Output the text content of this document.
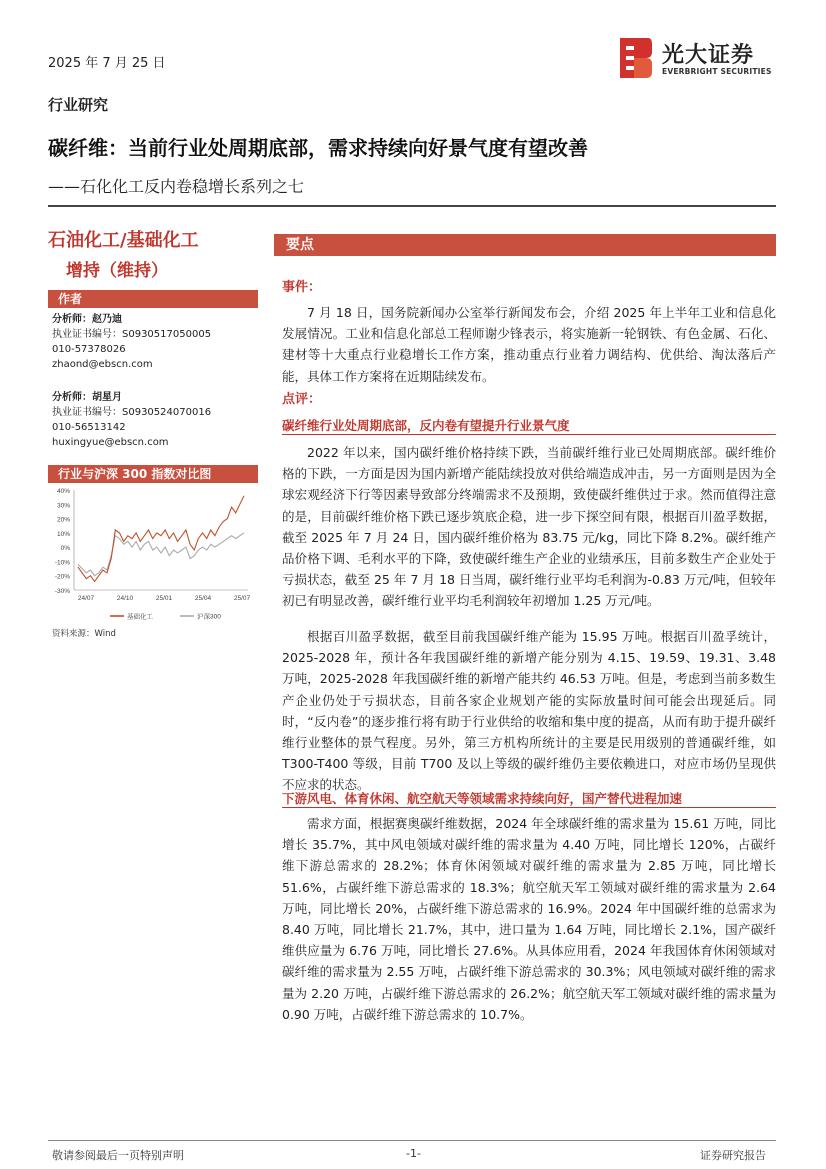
2025 年 7 月 25 日	光大证券
EVERBRIGHT SECURITIES
行业研究
碳纤维：当前行业处周期底部，需求持续向好景气度有望改善
——石化化工反内卷稳增长系列之七
石油化工/基础化工
增持（维持）
作者
分析师：赵乃迪
执业证书编号：S0930517050005
010-57378026
zhaond@ebscn.com
分析师：胡星月
执业证书编号：S0930524070016
010-56513142
huxingyue@ebscn.com
行业与沪深 300 指数对比图
40%
30%
20%
10%
0%
-10%
-20%
-30%
24/07	24/10	25/01	25/04	25/07
基础化工	沪深300
资料来源：Wind
要点
事件：
7 月 18 日，国务院新闻办公室举行新闻发布会，介绍 2025 年上半年工业和信息化发展情况。工业和信息化部总工程师谢少锋表示，将实施新一轮钢铁、有色金属、石化、建材等十大重点行业稳增长工作方案，推动重点行业着力调结构、优供给、淘汰落后产能，具体工作方案将在近期陆续发布。
点评：
碳纤维行业处周期底部，反内卷有望提升行业景气度
2022 年以来，国内碳纤维价格持续下跌，当前碳纤维行业已处周期底部。碳纤维价格的下跌，一方面是因为国内新增产能陆续投放对供给端造成冲击，另一方面则是因为全球宏观经济下行等因素导致部分终端需求不及预期，致使碳纤维供过于求。然而值得注意的是，目前碳纤维价格下跌已逐步筑底企稳，进一步下探空间有限，根据百川盈孚数据，截至 2025 年 7 月 24 日，国内碳纤维价格为 83.75 元/kg，同比下降 8.2%。碳纤维产品价格下调、毛利水平的下降，致使碳纤维生产企业的业绩承压，目前多数生产企业处于亏损状态，截至 25 年 7 月 18 日当周，碳纤维行业平均毛利润为-0.83 万元/吨，但较年初已有明显改善，碳纤维行业平均毛利润较年初增加 1.25 万元/吨。
根据百川盈孚数据，截至目前我国碳纤维产能为 15.95 万吨。根据百川盈孚统计，2025-2028 年，预计各年我国碳纤维的新增产能分别为 4.15、19.59、19.31、3.48 万吨，2025-2028 年我国碳纤维的新增产能共约 46.53 万吨。但是，考虑到当前多数生产企业仍处于亏损状态，目前各家企业规划产能的实际放量时间可能会出现延后。同时，“反内卷”的逐步推行将有助于行业供给的收缩和集中度的提高，从而有助于提升碳纤维行业整体的景气程度。另外，第三方机构所统计的主要是民用级别的普通碳纤维，如 T300-T400 等级，目前 T700 及以上等级的碳纤维仍主要依赖进口，对应市场仍呈现供不应求的状态。
下游风电、体育休闲、航空航天等领域需求持续向好，国产替代进程加速
需求方面，根据赛奥碳纤维数据，2024 年全球碳纤维的需求量为 15.61 万吨，同比增长 35.7%，其中风电领域对碳纤维的需求量为 4.40 万吨，同比增长 120%，占碳纤维下游总需求的 28.2%；体育休闲领域对碳纤维的需求量为 2.85 万吨，同比增长 51.6%，占碳纤维下游总需求的 18.3%；航空航天军工领域对碳纤维的需求量为 2.64 万吨，同比增长 20%，占碳纤维下游总需求的 16.9%。2024 年中国碳纤维的总需求为 8.40 万吨，同比增长 21.7%，其中，进口量为 1.64 万吨，同比增长 2.1%，国产碳纤维供应量为 6.76 万吨，同比增长 27.6%。从具体应用看，2024 年我国体育休闲领域对碳纤维的需求量为 2.55 万吨，占碳纤维下游总需求的 30.3%；风电领域对碳纤维的需求量为 2.20 万吨，占碳纤维下游总需求的 26.2%；航空航天军工领域对碳纤维的需求量为 0.90 万吨，占碳纤维下游总需求的 10.7%。
敬请参阅最后一页特别声明	-1-	证券研究报告
